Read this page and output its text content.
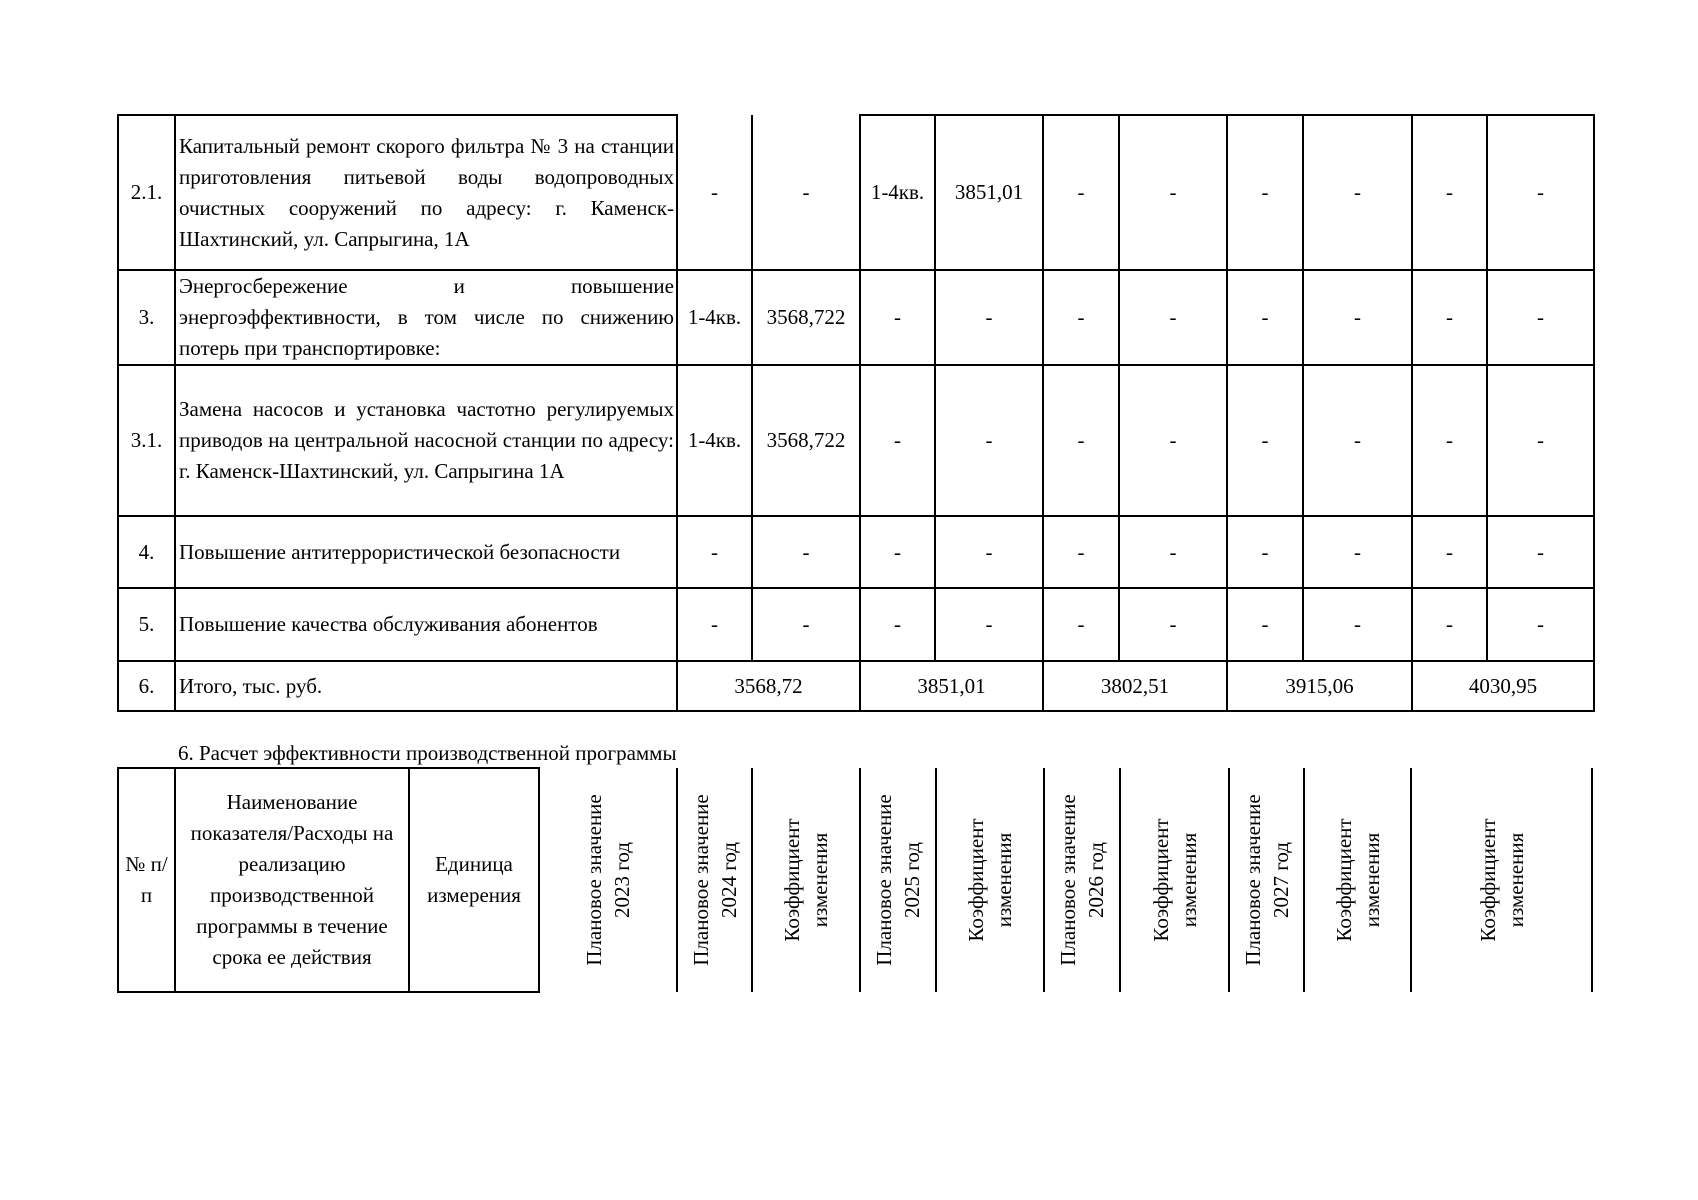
2.1.	Капитальный ремонт скорого фильтра № 3 на станции приготовления питьевой воды водопроводных очистных сооружений по адресу: г. Каменск-Шахтинский, ул. Сапрыгина, 1А	-	-	1-4кв.	3851,01	-	-	-	-	-	-
3.	Энергосбережение и повышение энергоэффективности, в том числе по снижению потерь при транспортировке:	1-4кв.	3568,722	-	-	-	-	-	-	-	-
3.1.	Замена насосов и установка частотно регулируемых приводов на центральной насосной станции по адресу: г. Каменск-Шахтинский, ул. Сапрыгина 1А	1-4кв.	3568,722	-	-	-	-	-	-	-	-
4.	Повышение антитеррористической безопасности	-	-	-	-	-	-	-	-	-	-
5.	Повышение качества обслуживания абонентов	-	-	-	-	-	-	-	-	-	-
6.	Итого, тыс. руб.	3568,72		3851,01		3802,51		3915,06		4030,95	
6. Расчет эффективности производственной программы
№ п/п	Наименование показателя/Расходы на реализацию производственной программы в течение срока ее действия	Единица измерения	Плановое значение 2023 год	Плановое значение 2024 год	Коэффициент изменения	Плановое значение 2025 год	Коэффициент изменения	Плановое значение 2026 год	Коэффициент изменения	Плановое значение 2027 год	Коэффициент изменения		Коэффициент изменения
